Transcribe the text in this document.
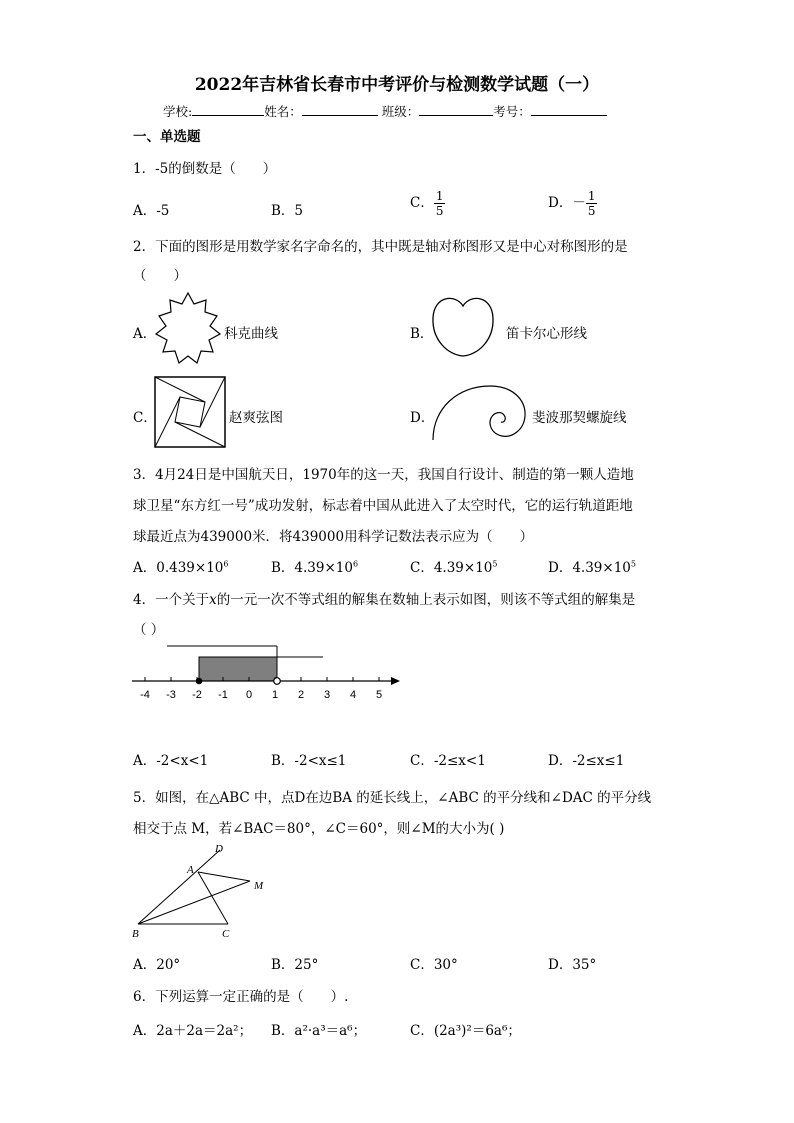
2022年吉林省长春市中考评价与检测数学试题（一）
学校:	姓名：	班级：	考号：
一、单选题
1．-5的倒数是（　　）
A．-5	B．5	C． $\frac{1}{5}$	D．－ $\frac{1}{5}$
2．下面的图形是用数学家名字命名的，其中既是轴对称图形又是中心对称图形的是
（　　）
A．	科克曲线	B．	笛卡尔心形线
C．	赵爽弦图	D．	斐波那契螺旋线
3．4月24日是中国航天日，1970年的这一天，我国自行设计、制造的第一颗人造地
球卫星“东方红一号”成功发射，标志着中国从此进入了太空时代，它的运行轨道距地
球最近点为439000米．将439000用科学记数法表示应为（　　）
A．$0.439\times 10^6$	B．$4.39\times 10^6$	C．$4.39\times 10^5$	D．$4.39\times 10^5$
4．一个关于x的一元一次不等式组的解集在数轴上表示如图，则该不等式组的解集是
（ ）
-4 -3 -2 -1 0 1 2 3 4 5
A．-2<x<1	B．-2<x≤1	C．-2≤x<1	D．-2≤x≤1
5．如图，在△ABC 中，点D在边BA 的延长线上，∠ABC 的平分线和∠DAC 的平分线
相交于点 M，若∠BAC＝80°，∠C＝60°，则∠M的大小为( )
D
A
M
B	C
A．20°	B．25°	C．30°	D．35°
6．下列运算一定正确的是（　　）.
A．2a＋2a＝2a²； B．a²·a³＝a⁶；	C．(2a³)²＝6a⁶；
